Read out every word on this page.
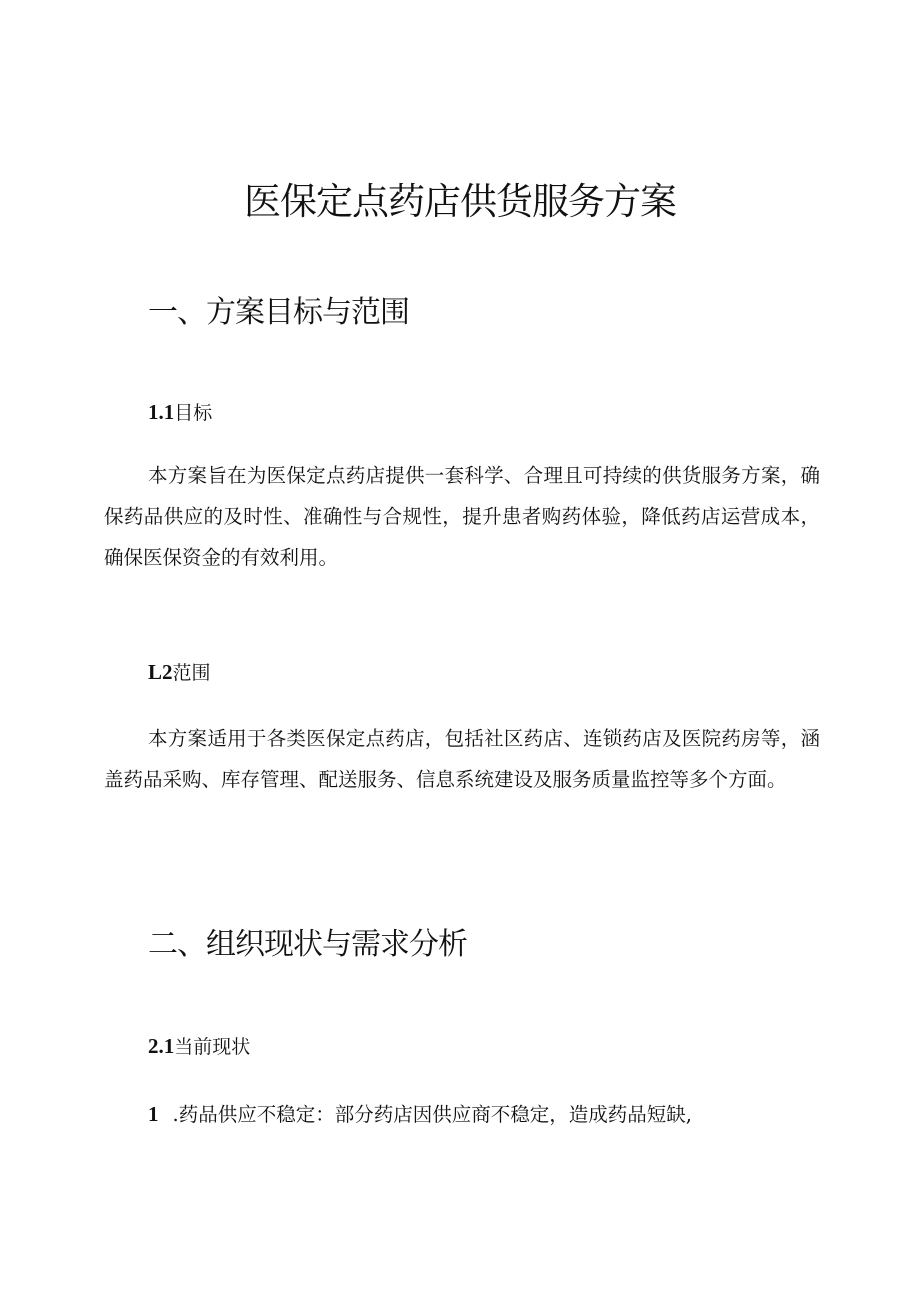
医保定点药店供货服务方案
一、方案目标与范围
1.1目标

本方案旨在为医保定点药店提供一套科学、合理且可持续的供货服务方案，确保药品供应的及时性、准确性与合规性，提升患者购药体验，降低药店运营成本，确保医保资金的有效利用。

L2范围

本方案适用于各类医保定点药店，包括社区药店、连锁药店及医院药房等，涵盖药品采购、库存管理、配送服务、信息系统建设及服务质量监控等多个方面。

二、组织现状与需求分析
2.1当前现状
1 .药品供应不稳定：部分药店因供应商不稳定，造成药品短缺,
